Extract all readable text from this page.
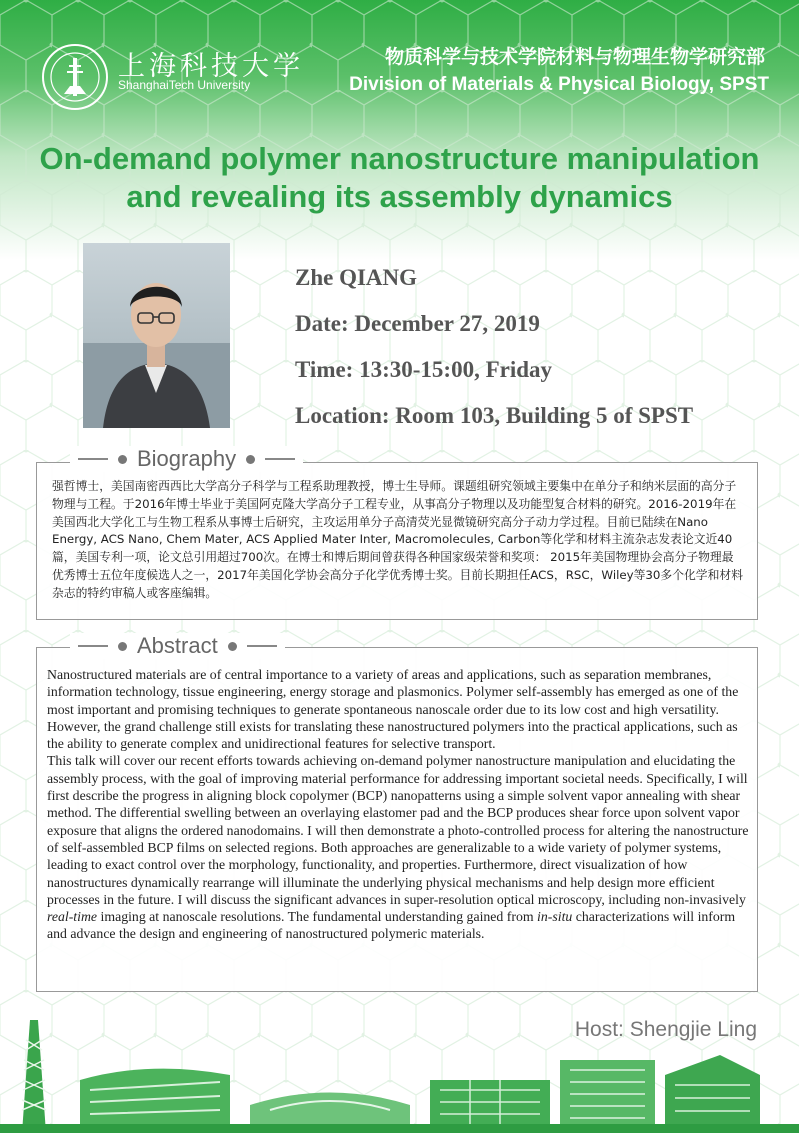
上海科技大学
ShanghaiTech University
物质科学与技术学院材料与物理生物学研究部
Division of Materials & Physical Biology, SPST
On-demand polymer nanostructure manipulation
and revealing its assembly dynamics

Zhe QIANG

Date: December 27, 2019

Time: 13:30-15:00, Friday

Location: Room 103, Building 5 of SPST

Biography

强哲博士，美国南密西西比大学高分子科学与工程系助理教授，博士生导师。课题组研究领域主要集中在单分子和纳米层面的高分子物理与工程。于2016年博士毕业于美国阿克隆大学高分子工程专业，从事高分子物理以及功能型复合材料的研究。2016-2019年在美国西北大学化工与生物工程系从事博士后研究，主攻运用单分子高清荧光显微镜研究高分子动力学过程。目前已陆续在Nano Energy, ACS Nano, Chem Mater, ACS Applied Mater Inter, Macromolecules, Carbon等化学和材料主流杂志发表论文近40篇，美国专利一项，论文总引用超过700次。在博士和博后期间曾获得各种国家级荣誉和奖项： 2015年美国物理协会高分子物理最优秀博士五位年度候选人之一，2017年美国化学协会高分子化学优秀博士奖。目前长期担任ACS，RSC，Wiley等30多个化学和材料杂志的特约审稿人或客座编辑。

Abstract

Nanostructured materials are of central importance to a variety of areas and applications, such as separation membranes, information technology, tissue engineering, energy storage and plasmonics. Polymer self-assembly has emerged as one of the most important and promising techniques to generate spontaneous nanoscale order due to its low cost and high versatility. However, the grand challenge still exists for translating these nanostructured polymers into the practical applications, such as the ability to generate complex and unidirectional features for selective transport.

This talk will cover our recent efforts towards achieving on-demand polymer nanostructure manipulation and elucidating the assembly process, with the goal of improving material performance for addressing important societal needs. Specifically, I will first describe the progress in aligning block copolymer (BCP) nanopatterns using a simple solvent vapor annealing with shear method. The differential swelling between an overlaying elastomer pad and the BCP produces shear force upon solvent vapor exposure that aligns the ordered nanodomains. I will then demonstrate a photo-controlled process for altering the nanostructure of self-assembled BCP films on selected regions. Both approaches are generalizable to a wide variety of polymer systems, leading to exact control over the morphology, functionality, and properties. Furthermore, direct visualization of how nanostructures dynamically rearrange will illuminate the underlying physical mechanisms and help design more efficient processes in the future. I will discuss the significant advances in super-resolution optical microscopy, including non-invasively real-time imaging at nanoscale resolutions. The fundamental understanding gained from in-situ characterizations will inform and advance the design and engineering of nanostructured polymeric materials.

Host: Shengjie Ling
